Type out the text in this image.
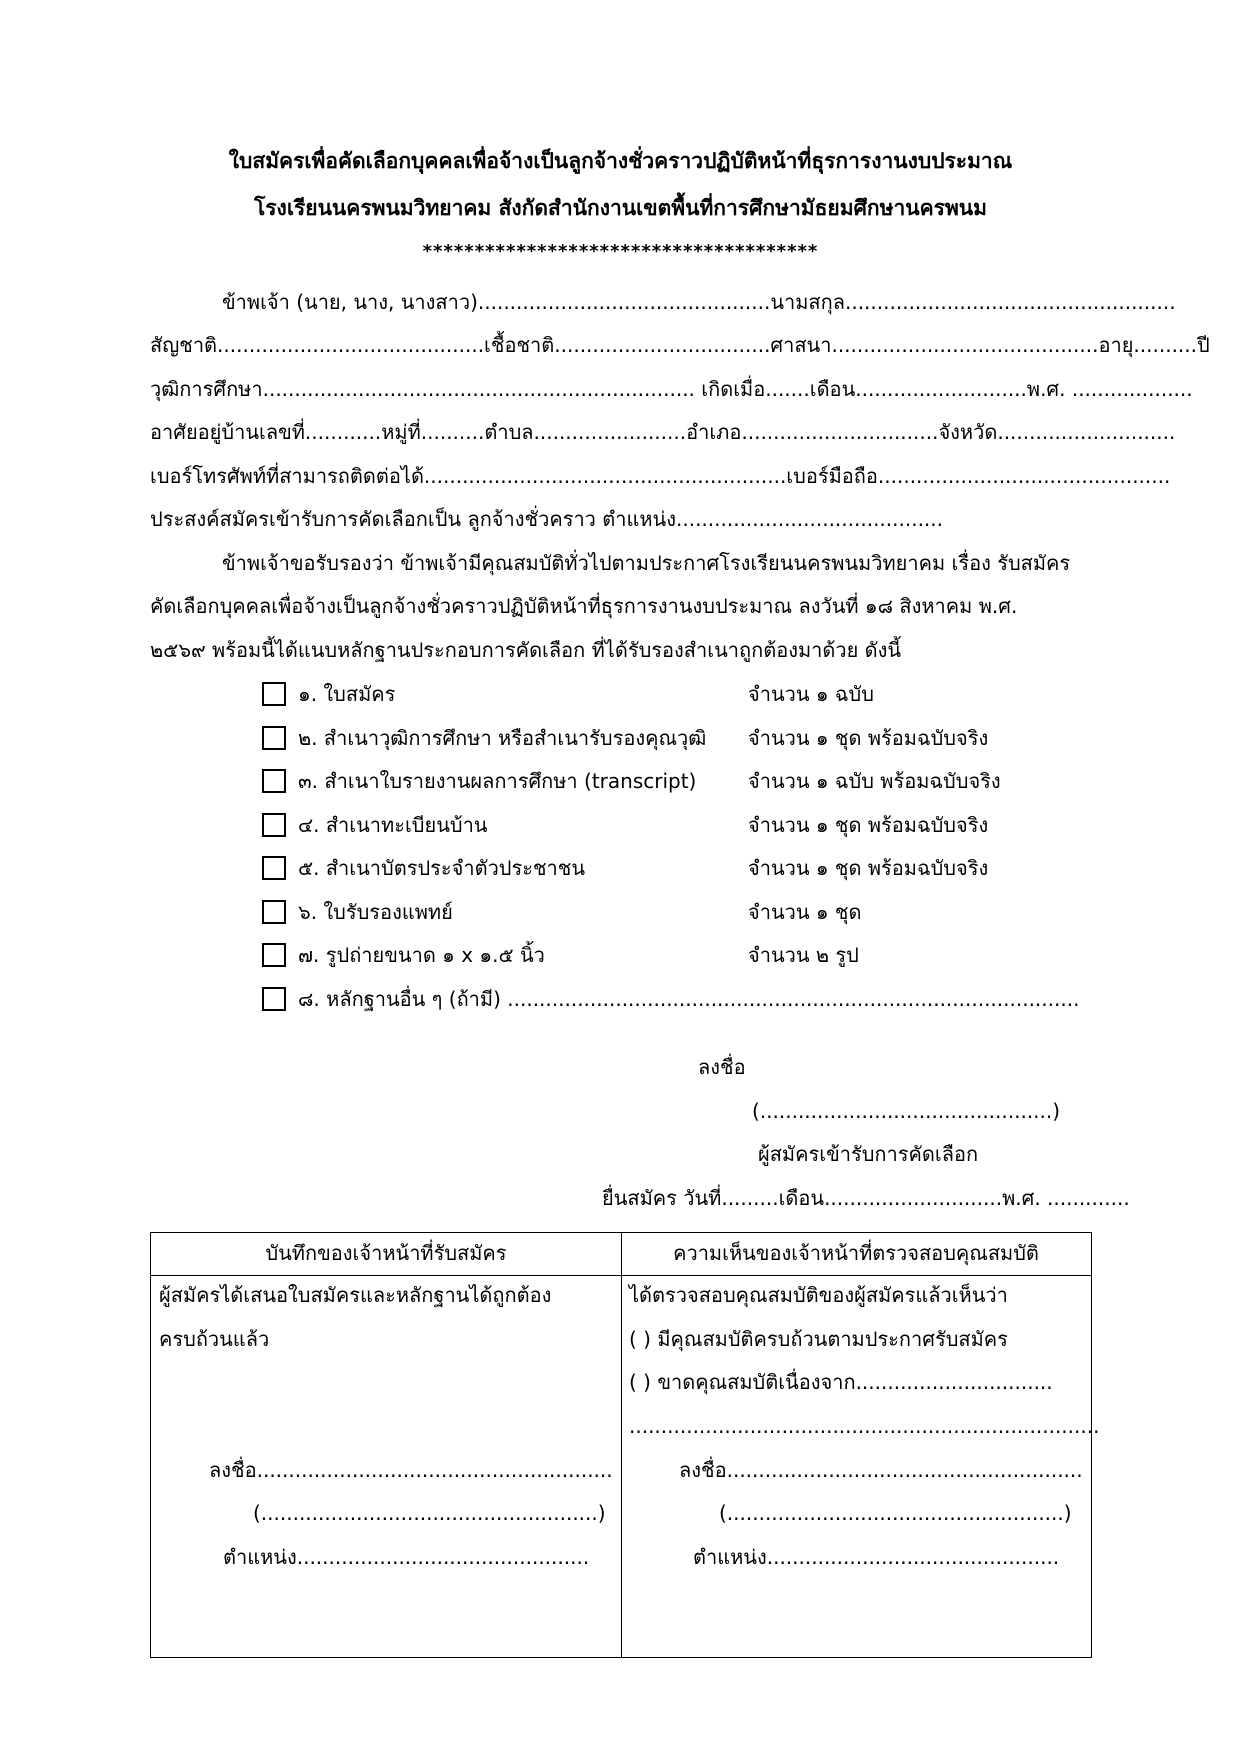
ใบสมัครเพื่อคัดเลือกบุคคลเพื่อจ้างเป็นลูกจ้างชั่วคราวปฏิบัติหน้าที่ธุรการงานงบประมาณ
โรงเรียนนครพนมวิทยาคม สังกัดสำนักงานเขตพื้นที่การศึกษามัธยมศึกษานครพนม
**************************************
ข้าพเจ้า (นาย, นาง, นางสาว)..............................................นามสกุล....................................................
สัญชาติ..........................................เชื้อชาติ..................................ศาสนา..........................................อายุ..........ปี
วุฒิการศึกษา.................................................................... เกิดเมื่อ.......เดือน...........................พ.ศ. ...................
อาศัยอยู่บ้านเลขที่............หมู่ที่..........ตำบล........................อำเภอ...............................จังหวัด............................
เบอร์โทรศัพท์ที่สามารถติดต่อได้.........................................................เบอร์มือถือ..............................................
ประสงค์สมัครเข้ารับการคัดเลือกเป็น ลูกจ้างชั่วคราว ตำแหน่ง..........................................
ข้าพเจ้าขอรับรองว่า ข้าพเจ้ามีคุณสมบัติทั่วไปตามประกาศโรงเรียนนครพนมวิทยาคม เรื่อง รับสมัคร
คัดเลือกบุคคลเพื่อจ้างเป็นลูกจ้างชั่วคราวปฏิบัติหน้าที่ธุรการงานงบประมาณ ลงวันที่ ๑๘ สิงหาคม พ.ศ.
๒๕๖๙ พร้อมนี้ได้แนบหลักฐานประกอบการคัดเลือก ที่ได้รับรองสำเนาถูกต้องมาด้วย ดังนี้
๑. ใบสมัคร	จำนวน ๑ ฉบับ
๒. สำเนาวุฒิการศึกษา หรือสำเนารับรองคุณวุฒิ จำนวน ๑ ชุด พร้อมฉบับจริง
๓. สำเนาใบรายงานผลการศึกษา (transcript)	จำนวน ๑ ฉบับ พร้อมฉบับจริง
๔. สำเนาทะเบียนบ้าน	จำนวน ๑ ชุด พร้อมฉบับจริง
๕. สำเนาบัตรประจำตัวประชาชน	จำนวน ๑ ชุด พร้อมฉบับจริง
๖. ใบรับรองแพทย์	จำนวน ๑ ชุด
๗. รูปถ่ายขนาด ๑ x ๑.๕ นิ้ว	จำนวน ๒ รูป
๘. หลักฐานอื่น ๆ (ถ้ามี) ..........................................................................................
ลงชื่อ
(..............................................)
ผู้สมัครเข้ารับการคัดเลือก
ยื่นสมัคร วันที่.........เดือน............................พ.ศ. .............
บันทึกของเจ้าหน้าที่รับสมัคร	ความเห็นของเจ้าหน้าที่ตรวจสอบคุณสมบัติ
ผู้สมัครได้เสนอใบสมัครและหลักฐานได้ถูกต้อง
ครบถ้วนแล้ว
ลงชื่อ........................................................
(.....................................................)
ตำแหน่ง..............................................
ได้ตรวจสอบคุณสมบัติของผู้สมัครแล้วเห็นว่า
( ) มีคุณสมบัติครบถ้วนตามประกาศรับสมัคร
( ) ขาดคุณสมบัติเนื่องจาก...............................
..........................................................................
ลงชื่อ........................................................
(.....................................................)
ตำแหน่ง..............................................
